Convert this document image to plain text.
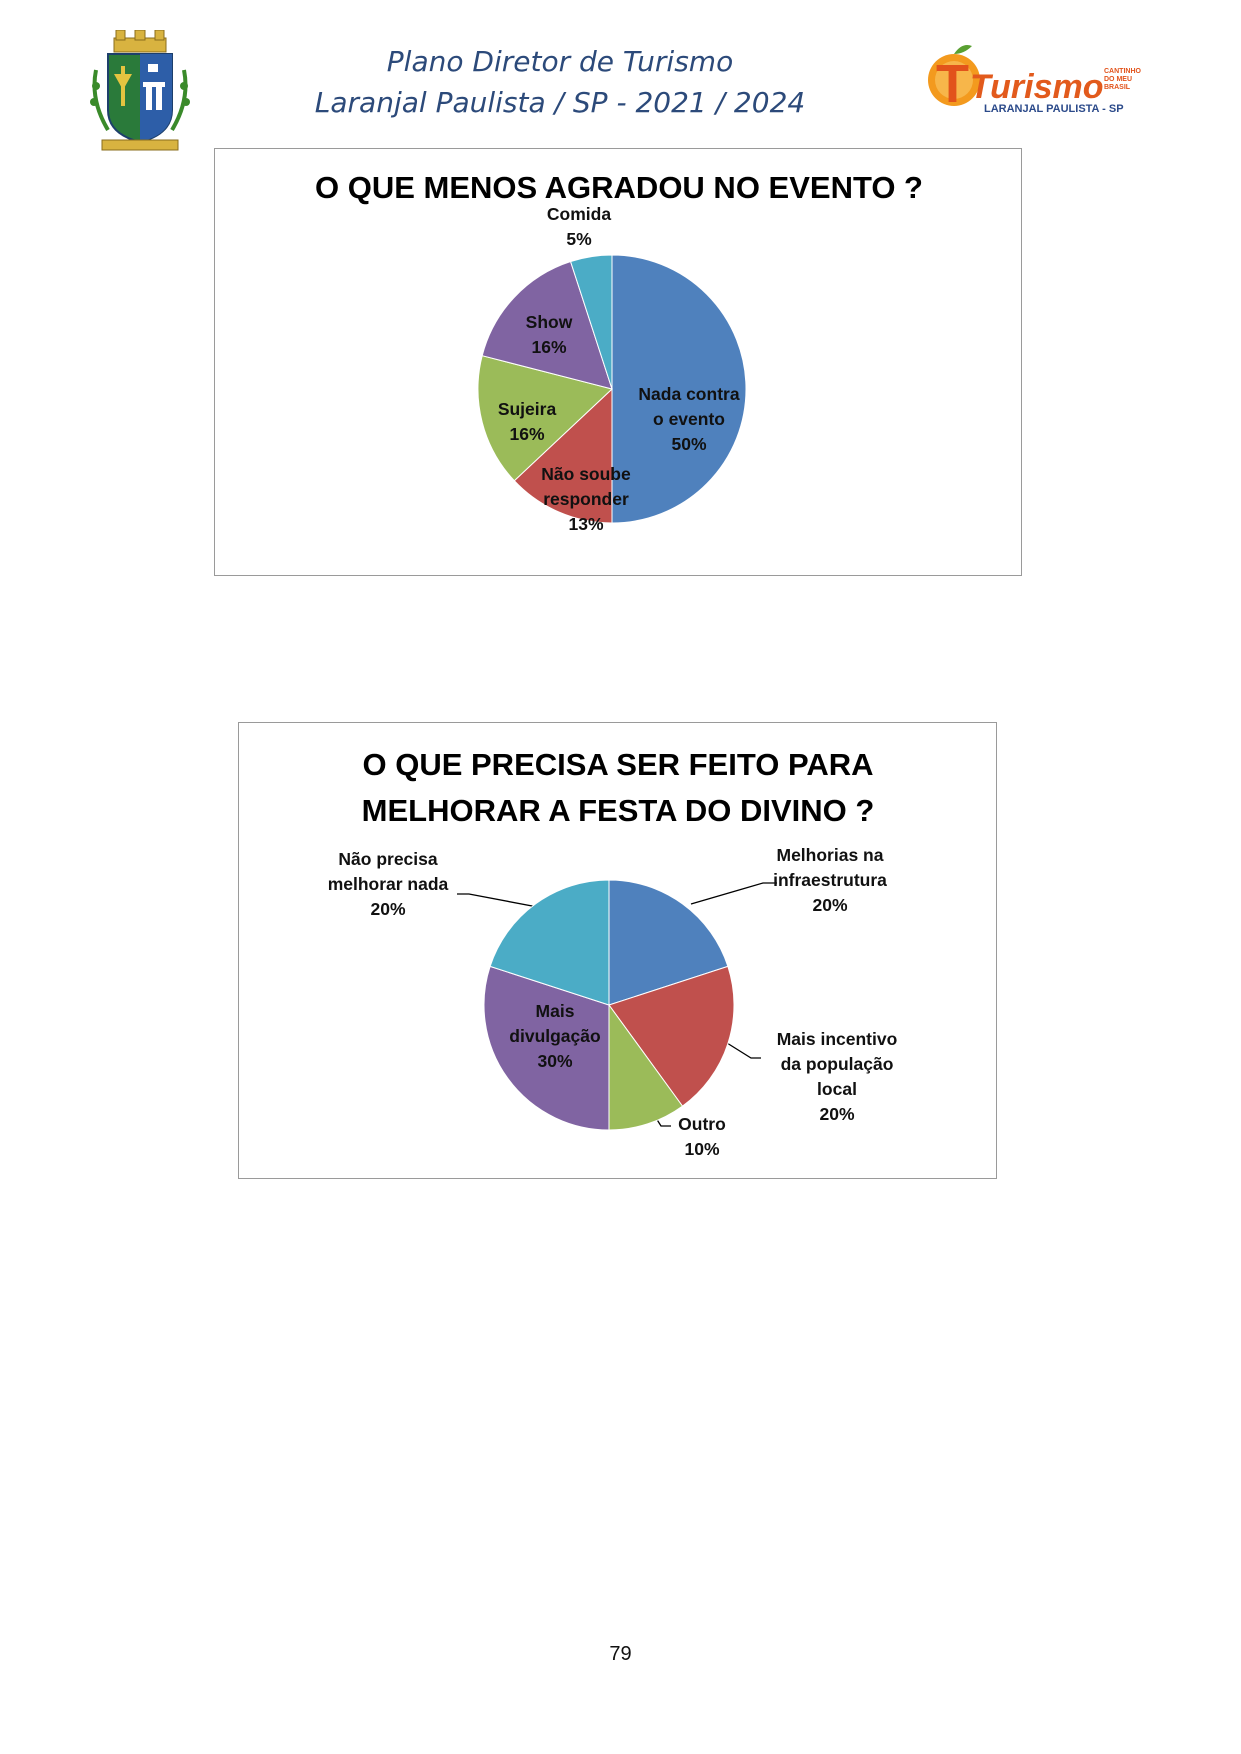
Plano Diretor de Turismo
Laranjal Paulista / SP - 2021 / 2024	T Turismo CANTINHO
DO MEU
BRASIL
LARANJAL PAULISTA - SP
O QUE MENOS AGRADOU NO EVENTO ?
Nada contra o evento 50%
Não soube responder 13%
Sujeira 16%
Show 16%
Comida 5%
O QUE PRECISA SER FEITO PARA
MELHORAR A FESTA DO DIVINO ?
Melhorias na infraestrutura 20%
Mais incentivo da população local 20%
Outro 10%
Mais divulgação 30%
Não precisa melhorar nada 20%
79
